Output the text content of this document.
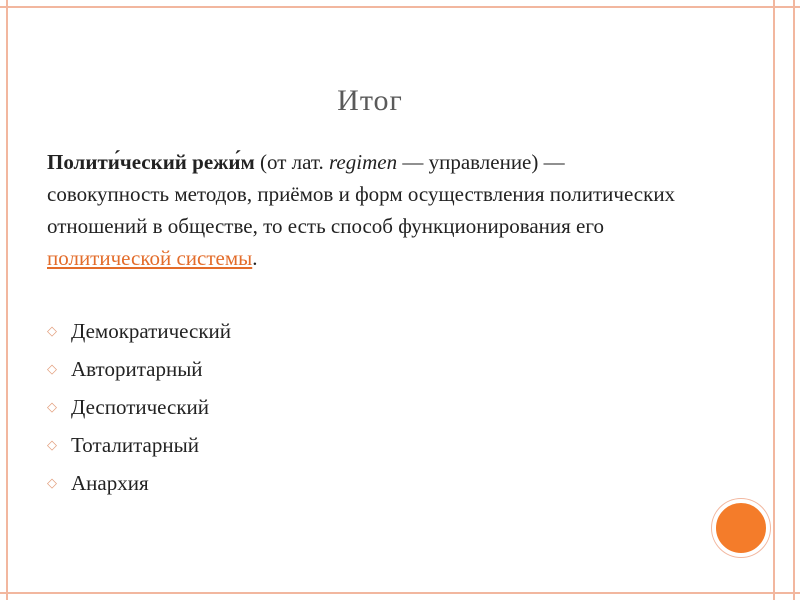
Итог
Полити́ческий режи́м (от лат. regimen — управление) — совокупность методов, приёмов и форм осуществления политических отношений в обществе, то есть способ функционирования его политической системы.
◇ Демократический
◇ Авторитарный
◇ Деспотический
◇ Тоталитарный
◇ Анархия
